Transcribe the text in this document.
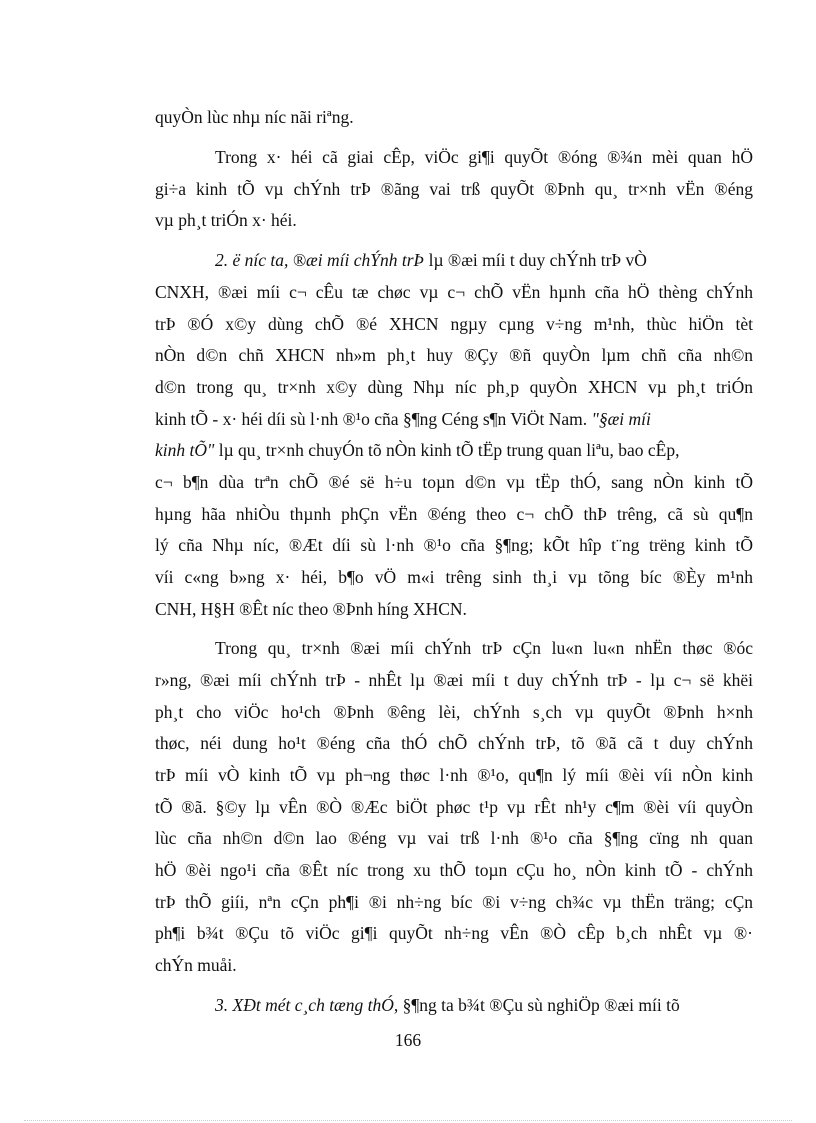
quyÒn lùc nhµ níc nãi riªng.
Trong x· héi cã giai cÊp, viÖc gi¶i quyÕt ®óng ®¾n mèi quan hÖ
gi÷a kinh tÕ vµ chÝnh trÞ ®ãng vai trß quyÕt ®Þnh qu¸ tr×nh vËn ®éng
vµ ph¸t triÓn x· héi.
2. ë níc ta, ®æi míi chÝnh trÞ lµ ®æi míi t duy chÝnh trÞ vÒ
CNXH, ®æi míi c¬ cÊu tæ chøc vµ c¬ chÕ vËn hµnh cña hÖ thèng chÝnh
trÞ ®Ó x©y dùng chÕ ®é XHCN ngµy cµng v÷ng m¹nh, thùc hiÖn tèt
nÒn d©n chñ XHCN nh»m ph¸t huy ®Çy ®ñ quyÒn lµm chñ cña nh©n
d©n trong qu¸ tr×nh x©y dùng Nhµ níc ph¸p quyÒn XHCN vµ ph¸t triÓn
kinh tÕ - x· héi díi sù l·nh ®¹o cña §¶ng Céng s¶n ViÖt Nam. "§æi míi
kinh tÕ" lµ qu¸ tr×nh chuyÓn tõ nÒn kinh tÕ tËp trung quan liªu, bao cÊp,
c¬ b¶n dùa trªn chÕ ®é së h÷u toµn d©n vµ tËp thÓ, sang nÒn kinh tÕ
hµng hãa nhiÒu thµnh phÇn vËn ®éng theo c¬ chÕ thÞ trêng, cã sù qu¶n
lý cña Nhµ níc, ®Æt díi sù l·nh ®¹o cña §¶ng; kÕt hîp t¨ng trëng kinh tÕ
víi c«ng b»ng x· héi, b¶o vÖ m«i trêng sinh th¸i vµ tõng bíc ®Èy m¹nh
CNH, H§H ®Êt níc theo ®Þnh híng XHCN.
Trong qu¸ tr×nh ®æi míi chÝnh trÞ cÇn lu«n lu«n nhËn thøc ®óc
r»ng, ®æi míi chÝnh trÞ - nhÊt lµ ®æi míi t duy chÝnh trÞ - lµ c¬ së khëi
ph¸t cho viÖc ho¹ch ®Þnh ®êng lèi, chÝnh s¸ch vµ quyÕt ®Þnh h×nh
thøc, néi dung ho¹t ®éng cña thÓ chÕ chÝnh trÞ, tõ ®ã cã t duy chÝnh
trÞ míi vÒ kinh tÕ vµ ph¬ng thøc l·nh ®¹o, qu¶n lý míi ®èi víi nÒn kinh
tÕ ®ã. §©y lµ vÊn ®Ò ®Æc biÖt phøc t¹p vµ rÊt nh¹y c¶m ®èi víi quyÒn
lùc cña nh©n d©n lao ®éng vµ vai trß l·nh ®¹o cña §¶ng cïng nh quan
hÖ ®èi ngo¹i cña ®Êt níc trong xu thÕ toµn cÇu ho¸ nÒn kinh tÕ - chÝnh
trÞ thÕ giíi, nªn cÇn ph¶i ®i nh÷ng bíc ®i v÷ng ch¾c vµ thËn träng; cÇn
ph¶i b¾t ®Çu tõ viÖc gi¶i quyÕt nh÷ng vÊn ®Ò cÊp b¸ch nhÊt vµ ®·
chÝn muåi.
3. XÐt mét c¸ch tæng thÓ, §¶ng ta b¾t ®Çu sù nghiÖp ®æi míi tõ
166
